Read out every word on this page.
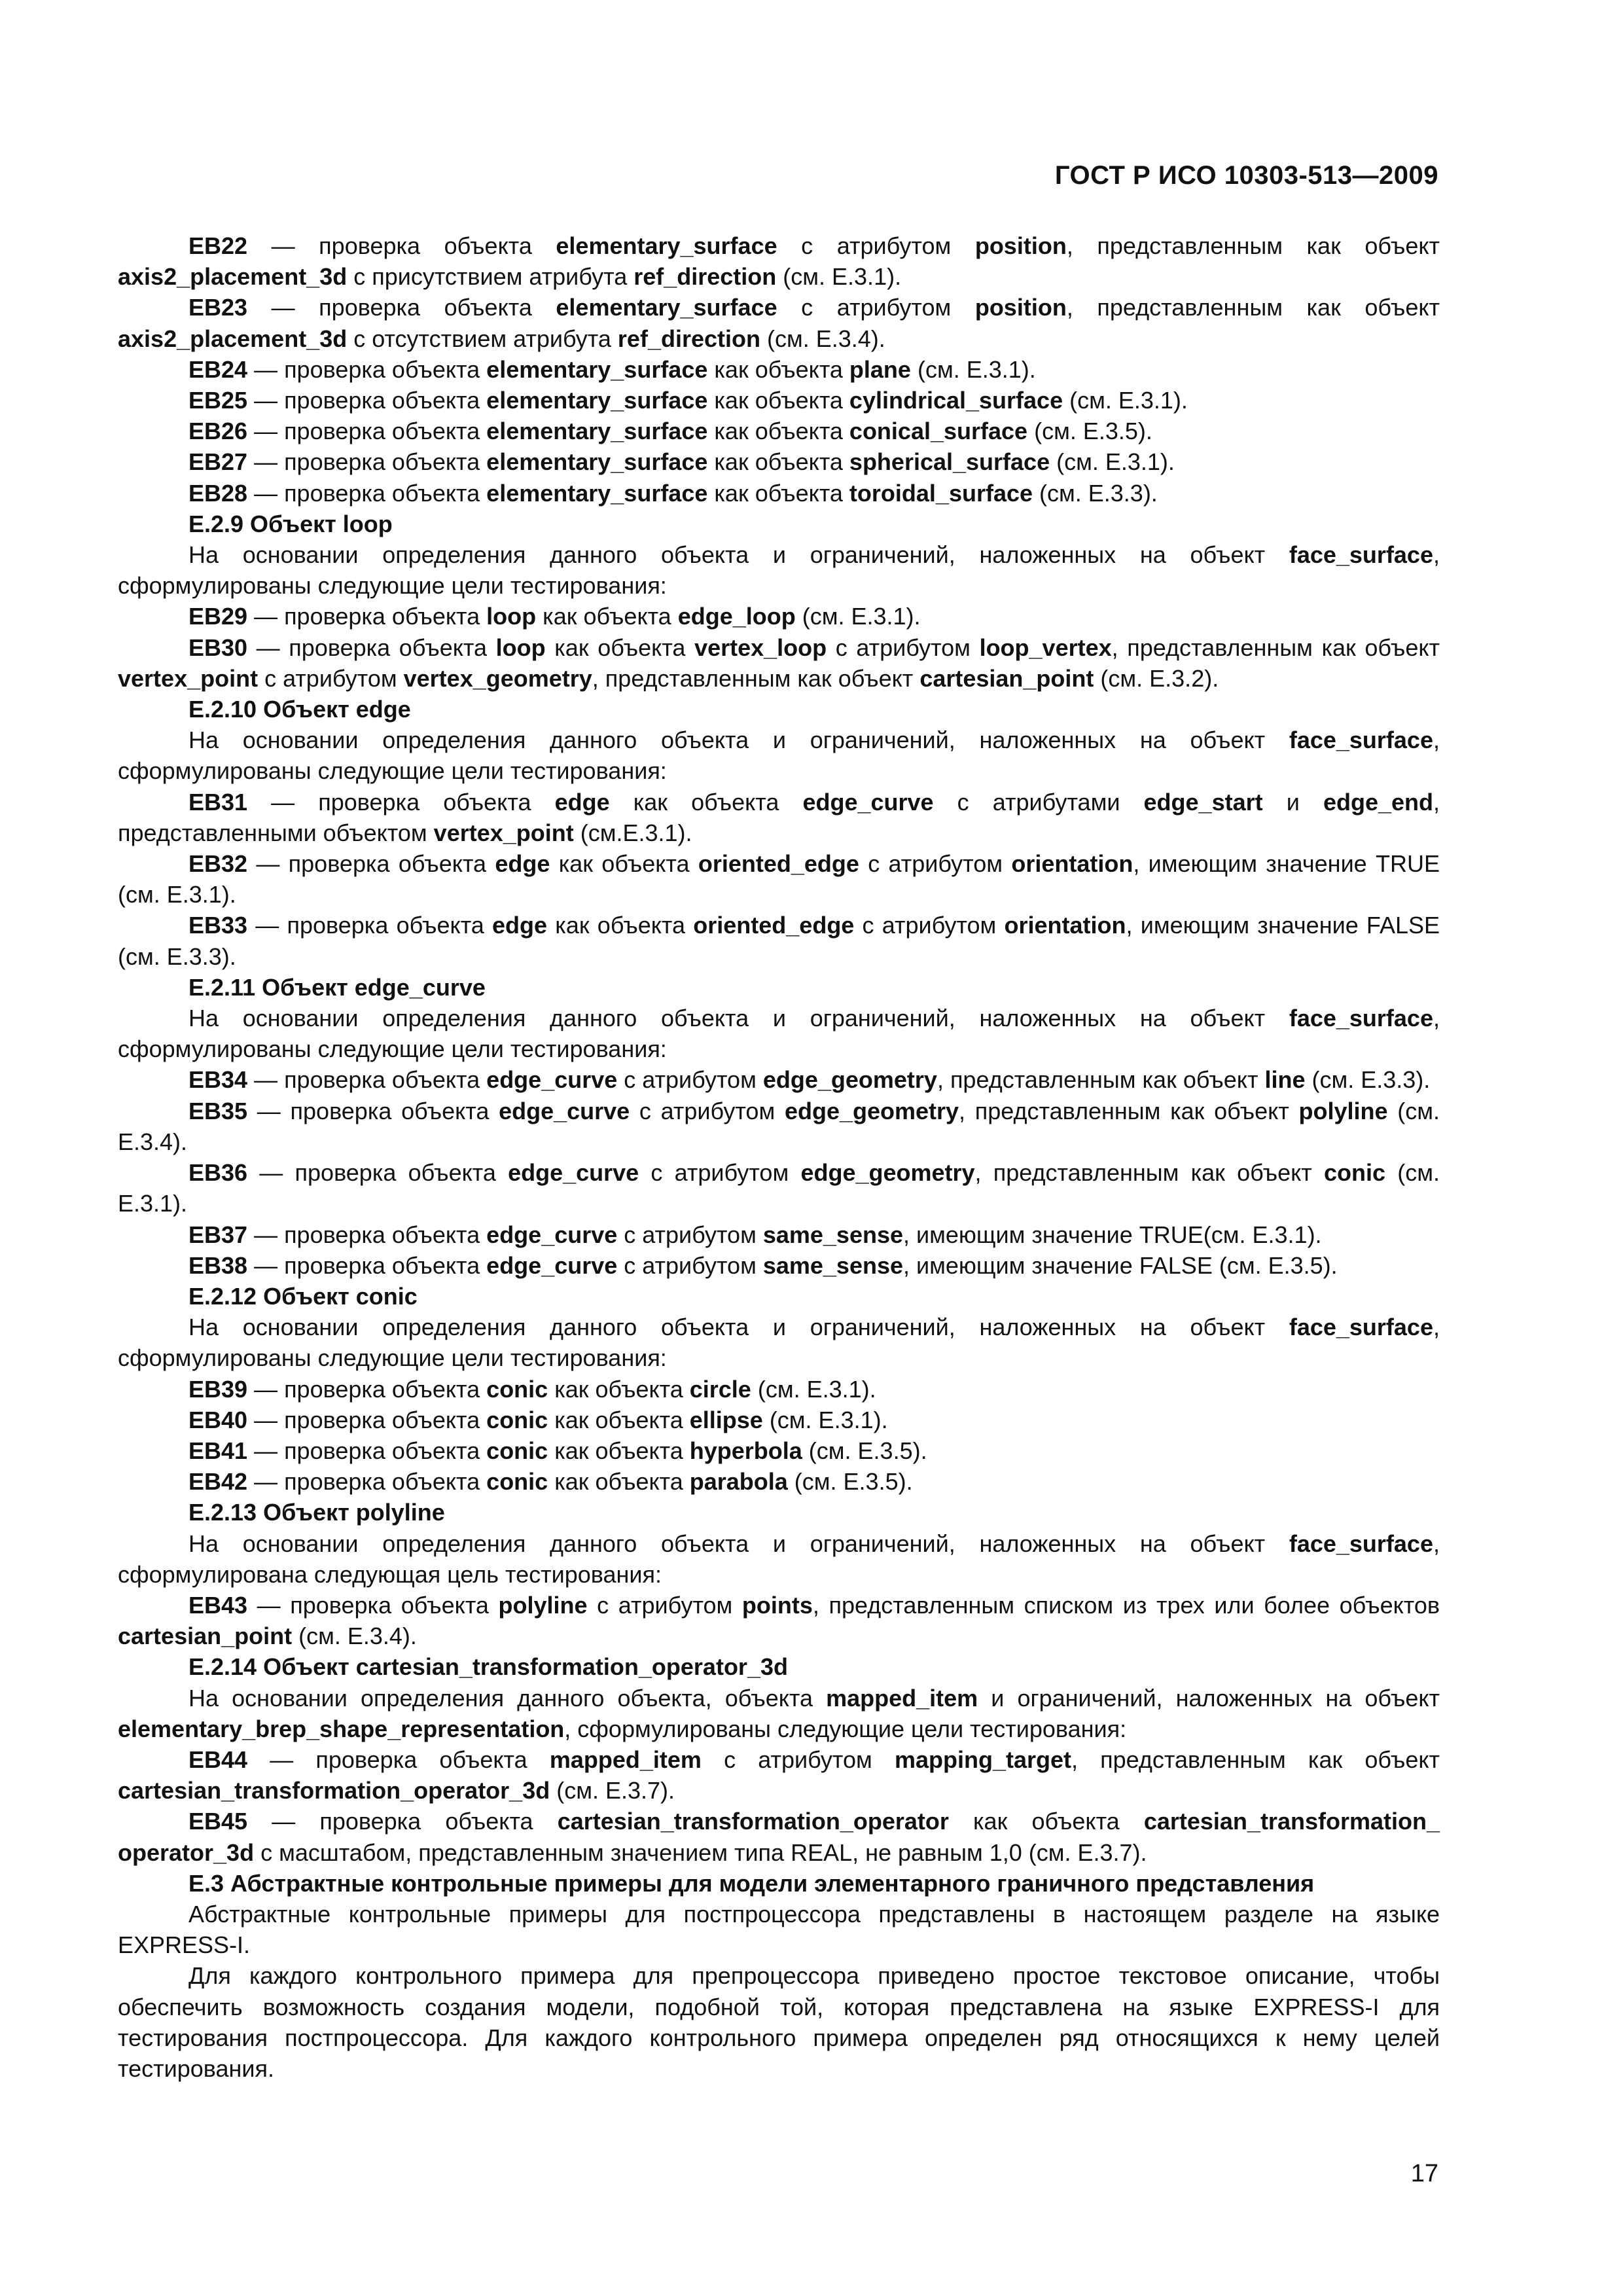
ГОСТ Р ИСО 10303-513—2009

EB22 — проверка объекта elementary_surface с атрибутом position, представленным как объект axis2_placement_3d с присутствием атрибута ref_direction (см. E.3.1).

EB23 — проверка объекта elementary_surface с атрибутом position, представленным как объект axis2_placement_3d с отсутствием атрибута ref_direction (см. E.3.4).

EB24 — проверка объекта elementary_surface как объекта plane (см. E.3.1).

EB25 — проверка объекта elementary_surface как объекта cylindrical_surface (см. E.3.1).

EB26 — проверка объекта elementary_surface как объекта conical_surface (см. E.3.5).

EB27 — проверка объекта elementary_surface как объекта spherical_surface (см. E.3.1).

EB28 — проверка объекта elementary_surface как объекта toroidal_surface (см. E.3.3).

E.2.9 Объект loop

На основании определения данного объекта и ограничений, наложенных на объект face_surface, сформулированы следующие цели тестирования:

EB29 — проверка объекта loop как объекта edge_loop (см. E.3.1).

EB30 — проверка объекта loop как объекта vertex_loop с атрибутом loop_vertex, представленным как объект vertex_point с атрибутом vertex_geometry, представленным как объект cartesian_point (см. E.3.2).

E.2.10 Объект edge

На основании определения данного объекта и ограничений, наложенных на объект face_surface, сформулированы следующие цели тестирования:

EB31 — проверка объекта edge как объекта edge_curve с атрибутами edge_start и edge_end, представленными объектом vertex_point (см.E.3.1).

EB32 — проверка объекта edge как объекта oriented_edge с атрибутом orientation, имеющим значение TRUE (см. E.3.1).

EB33 — проверка объекта edge как объекта oriented_edge с атрибутом orientation, имеющим значение FALSE (см. E.3.3).

E.2.11 Объект edge_curve

На основании определения данного объекта и ограничений, наложенных на объект face_surface, сформулированы следующие цели тестирования:

EB34 — проверка объекта edge_curve с атрибутом edge_geometry, представленным как объект line (см. E.3.3).

EB35 — проверка объекта edge_curve с атрибутом edge_geometry, представленным как объект polyline (см. E.3.4).

EB36 — проверка объекта edge_curve с атрибутом edge_geometry, представленным как объект conic (см. E.3.1).

EB37 — проверка объекта edge_curve с атрибутом same_sense, имеющим значение TRUE(см. E.3.1).

EB38 — проверка объекта edge_curve с атрибутом same_sense, имеющим значение FALSE (см. E.3.5).

E.2.12 Объект conic

На основании определения данного объекта и ограничений, наложенных на объект face_surface, сформулированы следующие цели тестирования:

EB39 — проверка объекта conic как объекта circle (см. E.3.1).

EB40 — проверка объекта conic как объекта ellipse (см. E.3.1).

EB41 — проверка объекта conic как объекта hyperbola (см. E.3.5).

EB42 — проверка объекта conic как объекта parabola (см. E.3.5).

E.2.13 Объект polyline

На основании определения данного объекта и ограничений, наложенных на объект face_surface, сформулирована следующая цель тестирования:

EB43 — проверка объекта polyline с атрибутом points, представленным списком из трех или более объектов cartesian_point (см. E.3.4).

E.2.14 Объект cartesian_transformation_operator_3d

На основании определения данного объекта, объекта mapped_item и ограничений, наложенных на объект elementary_brep_shape_representation, сформулированы следующие цели тестирования:

EB44 — проверка объекта mapped_item с атрибутом mapping_target, представленным как объект cartesian_transformation_operator_3d (см. E.3.7).

EB45 — проверка объекта cartesian_transformation_operator как объекта cartesian_transformation_ operator_3d с масштабом, представленным значением типа REAL, не равным 1,0 (см. E.3.7).

E.3 Абстрактные контрольные примеры для модели элементарного граничного представления

Абстрактные контрольные примеры для постпроцессора представлены в настоящем разделе на языке EXPRESS-I.

Для каждого контрольного примера для препроцессора приведено простое текстовое описание, чтобы обеспечить возможность создания модели, подобной той, которая представлена на языке EXPRESS-I для тестирования постпроцессора. Для каждого контрольного примера определен ряд относящихся к нему целей тестирования.

17
